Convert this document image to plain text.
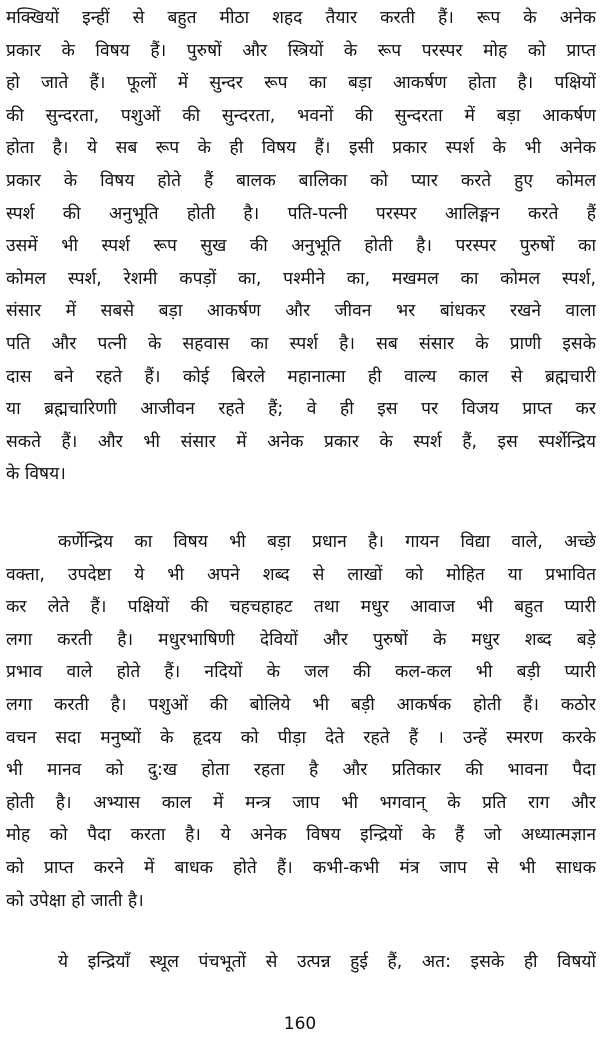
मक्खियों इन्हीं से बहुत मीठा शहद तैयार करती हैं। रूप के अनेक
प्रकार के विषय हैं। पुरुषों और स्त्रियों के रूप परस्पर मोह को प्राप्त
हो जाते हैं। फूलों में सुन्दर रूप का बड़ा आकर्षण होता है। पक्षियों
की सुन्दरता, पशुओं की सुन्दरता, भवनों की सुन्दरता में बड़ा आकर्षण
होता है। ये सब रूप के ही विषय हैं। इसी प्रकार स्पर्श के भी अनेक
प्रकार के विषय होते हैं बालक बालिका को प्यार करते हुए कोमल
स्पर्श की अनुभूति होती है। पति-पत्नी परस्पर आलिङ्गन करते हैं
उसमें भी स्पर्श रूप सुख की अनुभूति होती है। परस्पर पुरुषों का
कोमल स्पर्श, रेशमी कपड़ों का, पश्मीने का, मखमल का कोमल स्पर्श,
संसार में सबसे बड़ा आकर्षण और जीवन भर बांधकर रखने वाला
पति और पत्नी के सहवास का स्पर्श है। सब संसार के प्राणी इसके
दास बने रहते हैं। कोई बिरले महानात्मा ही वाल्य काल से ब्रह्मचारी
या ब्रह्मचारिणाी आजीवन रहते हैं; वे ही इस पर विजय प्राप्त कर
सकते हैं। और भी संसार में अनेक प्रकार के स्पर्श हैं, इस स्पर्शेन्द्रिय
के विषय।
कर्णेन्द्रिय का विषय भी बड़ा प्रधान है। गायन विद्या वाले, अच्छे
वक्ता, उपदेष्टा ये भी अपने शब्द से लाखों को मोहित या प्रभावित
कर लेते हैं। पक्षियों की चहचहाहट तथा मधुर आवाज भी बहुत प्यारी
लगा करती है। मधुरभाषिणी देवियों और पुरुषों के मधुर शब्द बड़े
प्रभाव वाले होते हैं। नदियों के जल की कल-कल भी बड़ी प्यारी
लगा करती है। पशुओं की बोलिये भी बड़ी आकर्षक होती हैं। कठोर
वचन सदा मनुष्यों के हृदय को पीड़ा देते रहते हैं । उन्हें स्मरण करके
भी मानव को दु:ख होता रहता है और प्रतिकार की भावना पैदा
होती है। अभ्यास काल में मन्त्र जाप भी भगवान् के प्रति राग और
मोह को पैदा करता है। ये अनेक विषय इन्द्रियों के हैं जो अध्यात्मज्ञान
को प्राप्त करने में बाधक होते हैं। कभी-कभी मंत्र जाप से भी साधक
को उपेक्षा हो जाती है।
ये इन्द्रियाँ स्थूल पंचभूतों से उत्पन्न हुई हैं, अत: इसके ही विषयों
160
